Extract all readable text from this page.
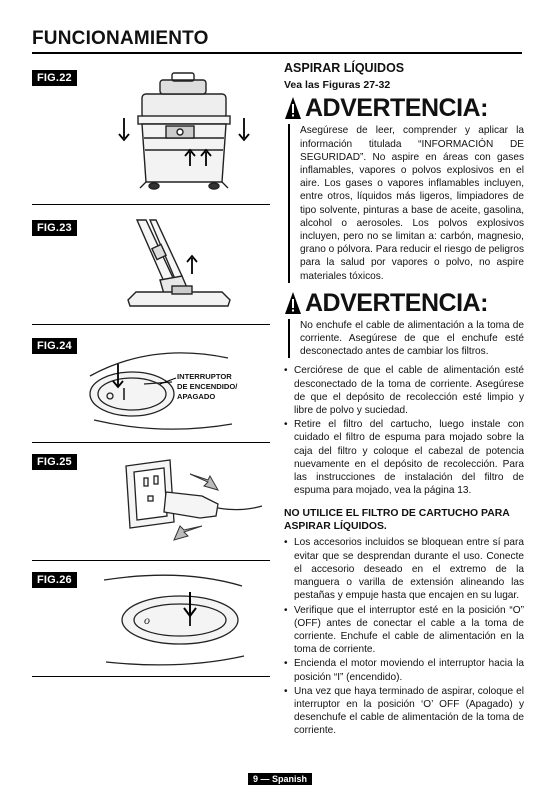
FUNCIONAMIENTO
FIG.22
FIG.23
FIG.24
INTERRUPTOR
DE ENCENDIDO/
APAGADO
FIG.25
FIG.26
o
ASPIRAR LÍQUIDOS
Vea las Figuras 27-32
ADVERTENCIA:
Asegúrese de leer, comprender y aplicar la información titulada “INFORMACIÓN DE SEGURIDAD”. No aspire en áreas con gases inflamables, vapores o polvos explosivos en el aire. Los gases o vapores inflamables incluyen, entre otros, líquidos más ligeros, limpiadores de tipo solvente, pinturas a base de aceite, gasolina, alcohol o aerosoles. Los polvos explosivos incluyen, pero no se limitan a: carbón, magnesio, grano o pólvora. Para reducir el riesgo de peligros para la salud por vapores o polvo, no aspire materiales tóxicos.
ADVERTENCIA:
No enchufe el cable de alimentación a la toma de corriente. Asegúrese de que el enchufe esté desconectado antes de cambiar los filtros.
• Cerciórese de que el cable de alimentación esté desconectado de la toma de corriente. Asegúrese de que el depósito de recolección esté limpio y libre de polvo y suciedad.
• Retire el filtro del cartucho, luego instale con cuidado el filtro de espuma para mojado sobre la caja del filtro y coloque el cabezal de potencia nuevamente en el depósito de recolección. Para las instrucciones de instalación del filtro de espuma para mojado, vea la página 13.
NO UTILICE EL FILTRO DE CARTUCHO PARA ASPIRAR LÍQUIDOS.
• Los accesorios incluidos se bloquean entre sí para evitar que se desprendan durante el uso. Conecte el accesorio deseado en el extremo de la manguera o varilla de extensión alineando las pestañas y empuje hasta que encajen en su lugar.
• Verifique que el interruptor esté en la posición “O” (OFF) antes de conectar el cable a la toma de corriente. Enchufe el cable de alimentación en la toma de corriente.
• Encienda el motor moviendo el interruptor hacia la posición “I” (encendido).
• Una vez que haya terminado de aspirar, coloque el interruptor en la posición ‘O’ OFF (Apagado) y desenchufe el cable de alimentación de la toma de corriente.
9 — Spanish
